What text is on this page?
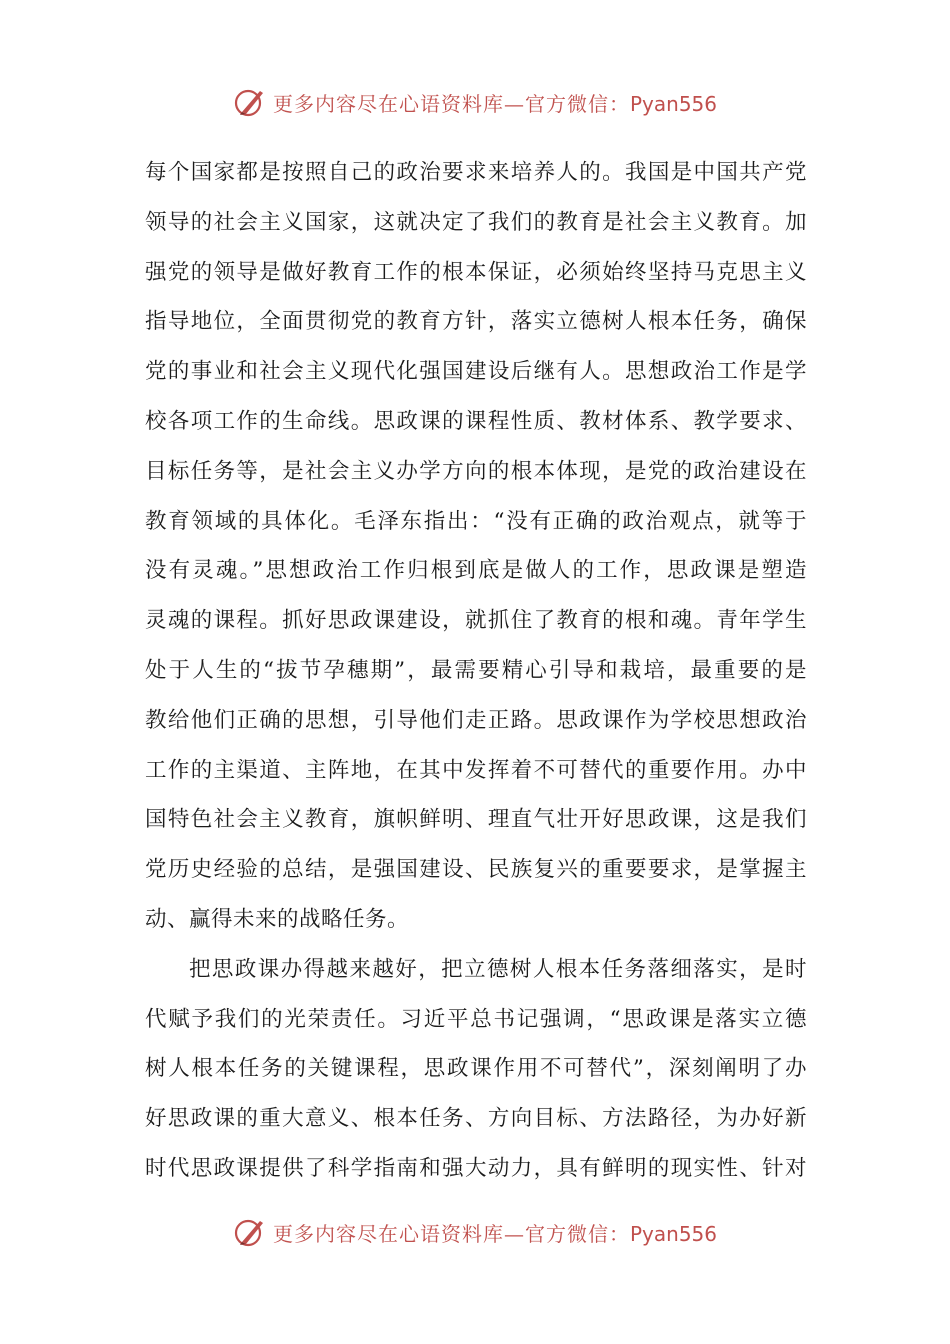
更多内容尽在心语资料库—官方微信：Pyan556
每个国家都是按照自己的政治要求来培养人的。我国是中国共产党
领导的社会主义国家，这就决定了我们的教育是社会主义教育。加
强党的领导是做好教育工作的根本保证，必须始终坚持马克思主义
指导地位，全面贯彻党的教育方针，落实立德树人根本任务，确保
党的事业和社会主义现代化强国建设后继有人。思想政治工作是学
校各项工作的生命线。思政课的课程性质、教材体系、教学要求、
目标任务等，是社会主义办学方向的根本体现，是党的政治建设在
教育领域的具体化。毛泽东指出：“没有正确的政治观点，就等于
没有灵魂。”思想政治工作归根到底是做人的工作，思政课是塑造
灵魂的课程。抓好思政课建设，就抓住了教育的根和魂。青年学生
处于人生的“拔节孕穗期”，最需要精心引导和栽培，最重要的是
教给他们正确的思想，引导他们走正路。思政课作为学校思想政治
工作的主渠道、主阵地，在其中发挥着不可替代的重要作用。办中
国特色社会主义教育，旗帜鲜明、理直气壮开好思政课，这是我们
党历史经验的总结，是强国建设、民族复兴的重要要求，是掌握主
动、赢得未来的战略任务。
把思政课办得越来越好，把立德树人根本任务落细落实，是时
代赋予我们的光荣责任。习近平总书记强调，“思政课是落实立德
树人根本任务的关键课程，思政课作用不可替代”，深刻阐明了办
好思政课的重大意义、根本任务、方向目标、方法路径，为办好新
时代思政课提供了科学指南和强大动力，具有鲜明的现实性、针对
更多内容尽在心语资料库—官方微信：Pyan556
